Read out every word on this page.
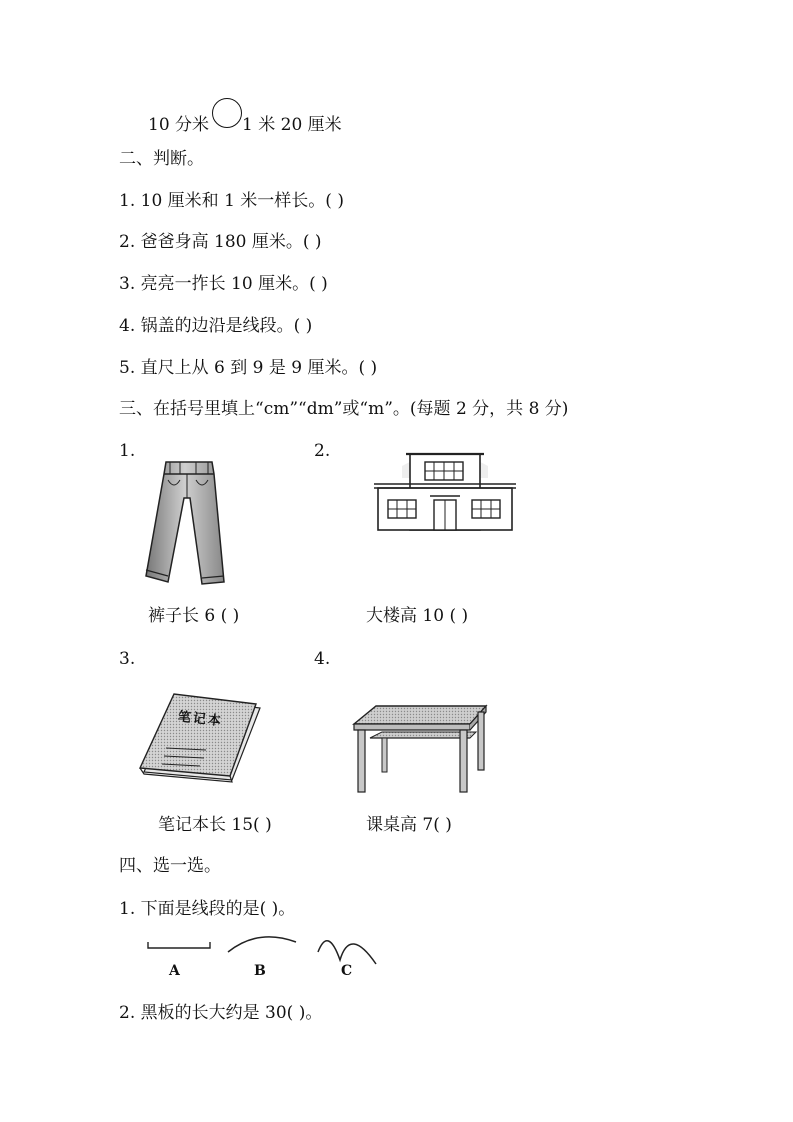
10 分米 1 米 20 厘米
二、判断。
1. 10 厘米和 1 米一样长。( )
2. 爸爸身高 180 厘米。( )
3. 亮亮一拃长 10 厘米。( )
4. 锅盖的边沿是线段。( )
5. 直尺上从 6 到 9 是 9 厘米。( )
三、在括号里填上“cm”“dm”或“m”。(每题 2 分，共 8 分)
1.	2.
裤子长 6 ( )	大楼高 10 ( )
3.	4.
笔记本
笔记本长 15( )	课桌高 7( )
四、选一选。
1. 下面是线段的是( )。
A	B	C
2. 黑板的长大约是 30( )。
